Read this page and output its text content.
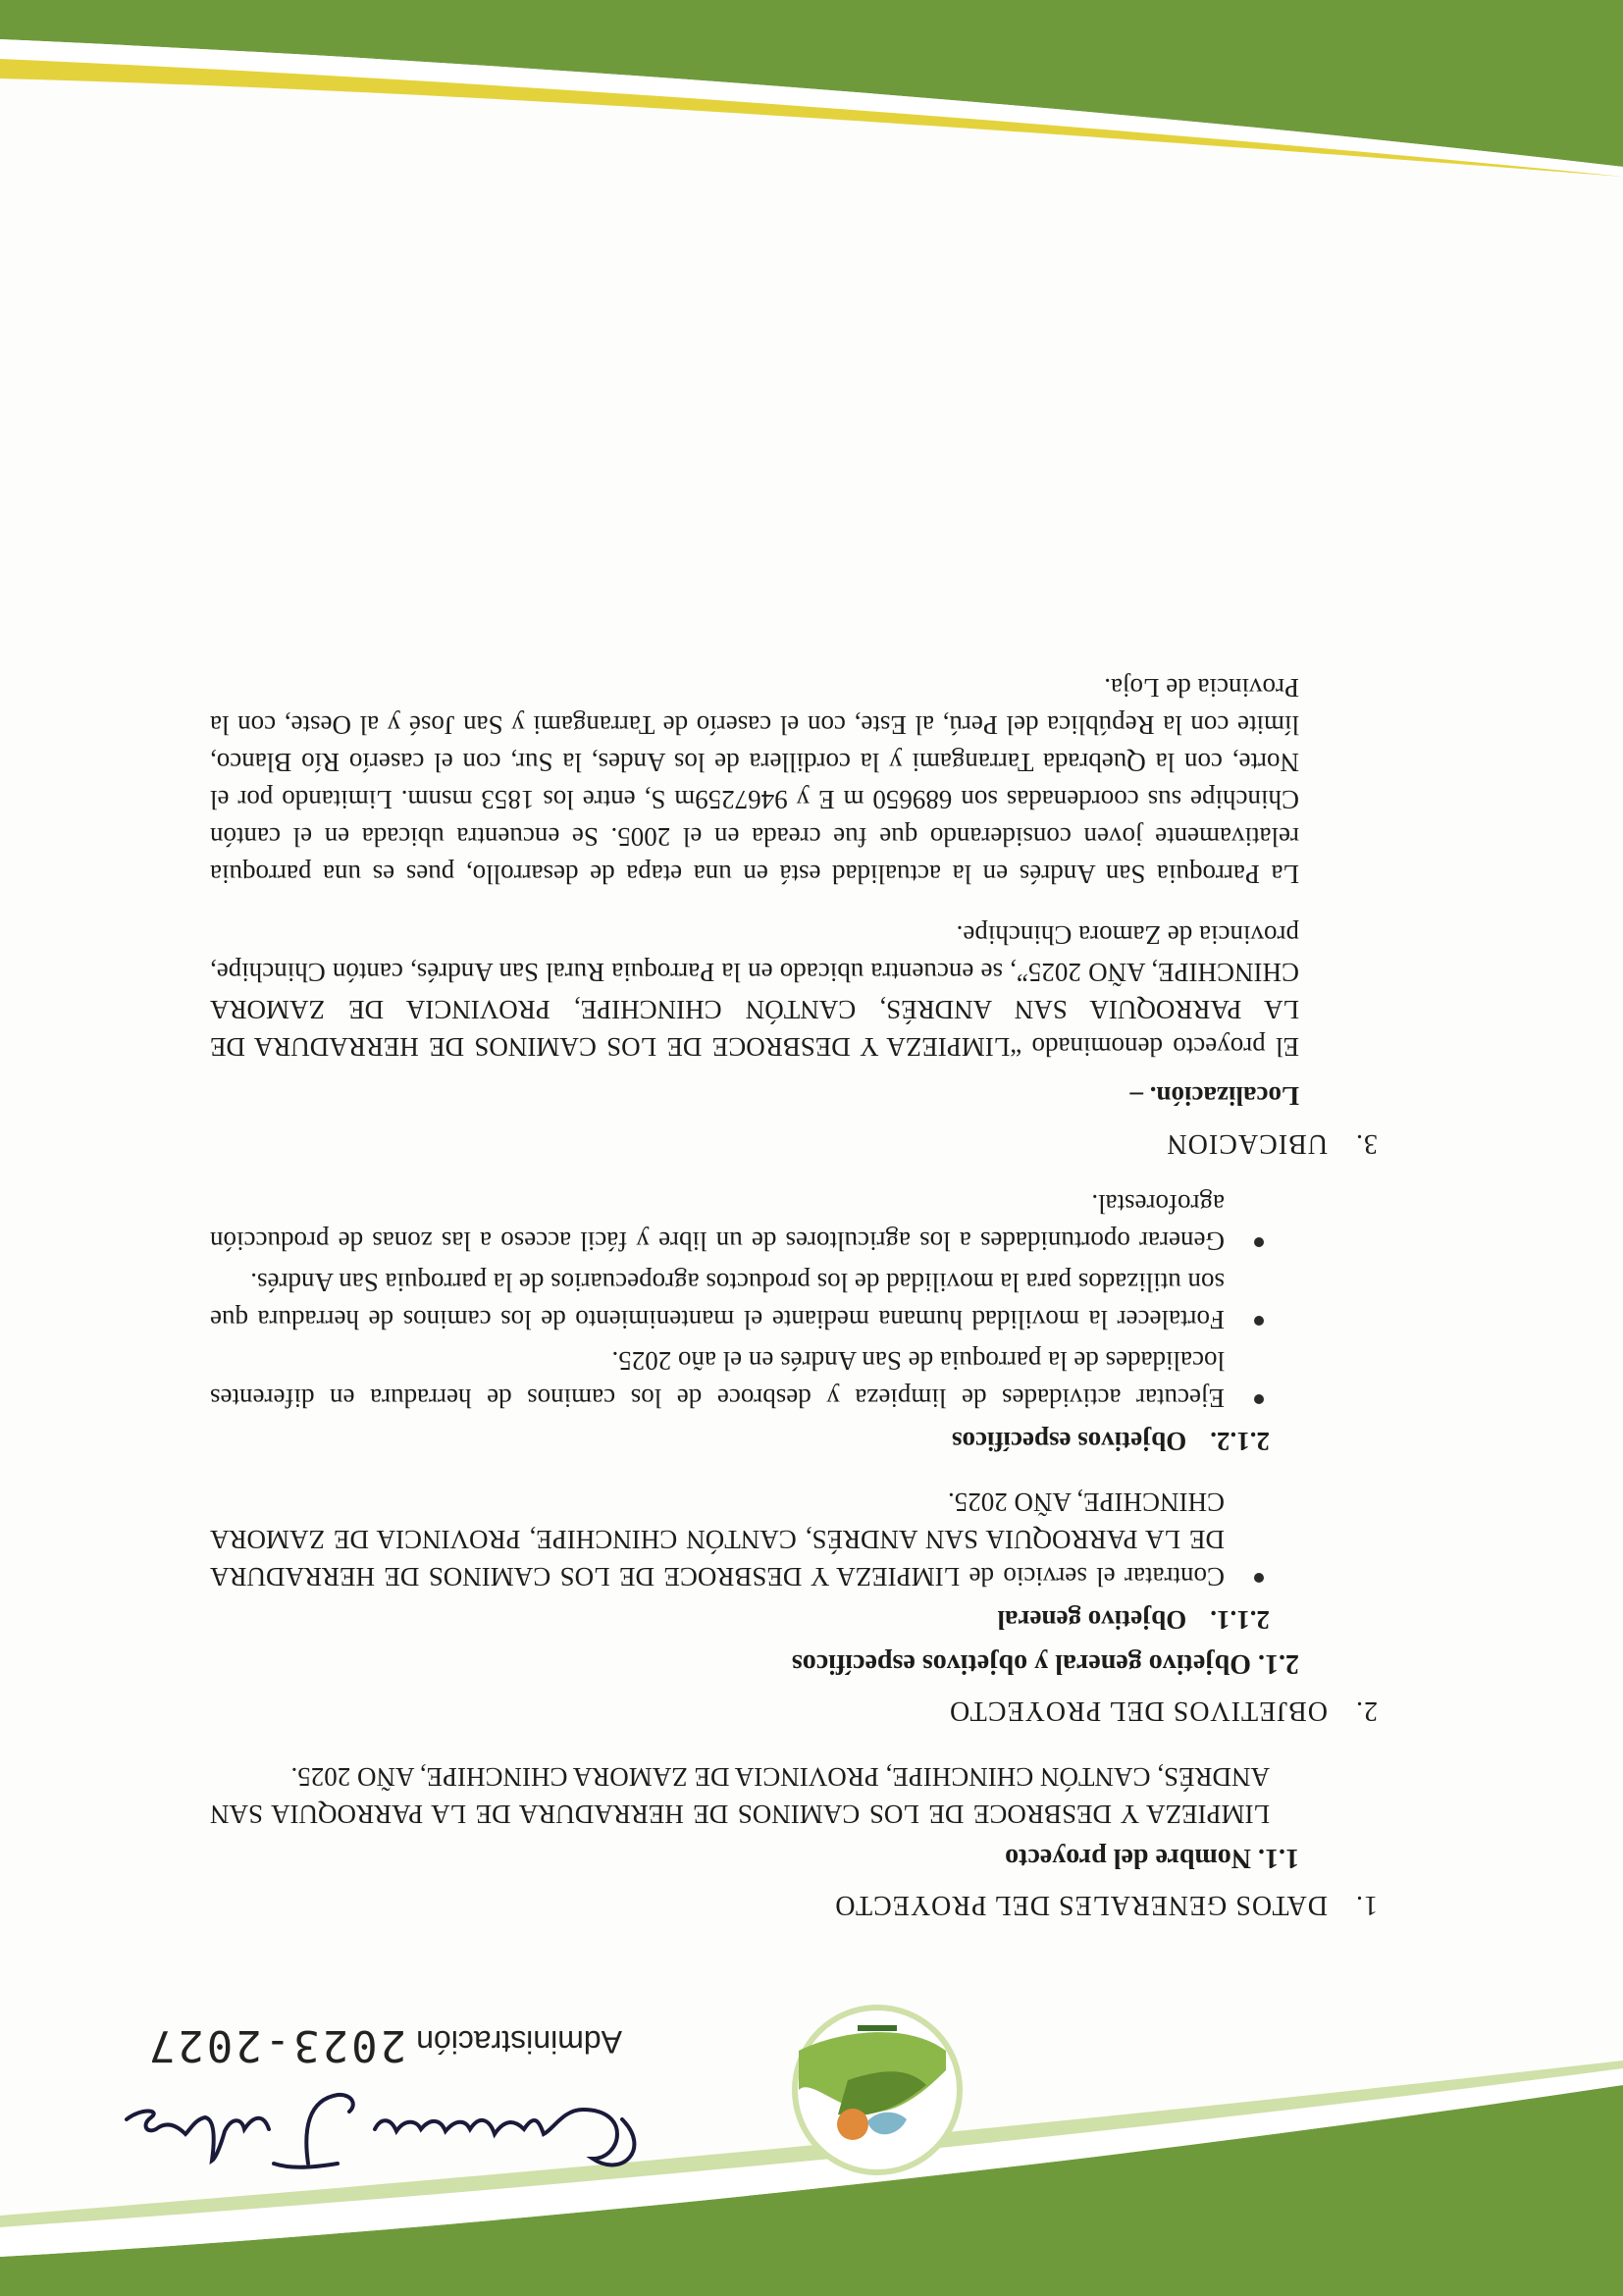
Administración2023-2027
1.DATOS GENERALES DEL PROYECTO
1.1. Nombre del proyecto
LIMPIEZA Y DESBROCE DE LOS CAMINOS DE HERRADURA DE LA PARROQUIA SAN ANDRÉS, CANTÓN CHINCHIPE, PROVINCIA DE ZAMORA CHINCHIPE, AÑO 2025.
2.OBJETIVOS DEL PROYECTO
2.1. Objetivo general y objetivos específicos
2.1.1.Objetivo general
Contratar el servicio de LIMPIEZA Y DESBROCE DE LOS CAMINOS DE HERRADURA DE LA PARROQUIA SAN ANDRÉS, CANTÓN CHINCHIPE, PROVINCIA DE ZAMORA CHINCHIPE, AÑO 2025.
2.1.2.Objetivos específicos
Ejecutar actividades de limpieza y desbroce de los caminos de herradura en diferentes localidades de la parroquia de San Andrés en el año 2025.
Fortalecer la movilidad humana mediante el mantenimiento de los caminos de herradura que son utilizados para la movilidad de los productos agropecuarios de la parroquia San Andrés.
Generar oportunidades a los agricultores de un libre y fácil acceso a las zonas de producción agroforestal.
3.UBICACION
Localización. –
El proyecto denominado “LIMPIEZA Y DESBROCE DE LOS CAMINOS DE HERRADURA DE LA PARROQUIA SAN ANDRÉS, CANTÓN CHINCHIPE, PROVINCIA DE ZAMORA CHINCHIPE, AÑO 2025”, se encuentra ubicado en la Parroquia Rural San Andrés, cantón Chinchipe, provincia de Zamora Chinchipe.
La Parroquia San Andrés en la actualidad está en una etapa de desarrollo, pues es una parroquia relativamente joven considerando que fue creada en el 2005. Se encuentra ubicada en el cantón Chinchipe sus coordenadas son 689650 m E y 9467259m S, entre los 1853 msnm. Limitando por el Norte, con la Quebrada Tarrangami y la cordillera de los Andes, la Sur, con el caserío Río Blanco, límite con la República del Perú, al Este, con el caserío de Tarrangami y San José y al Oeste, con la Provincia de Loja.
